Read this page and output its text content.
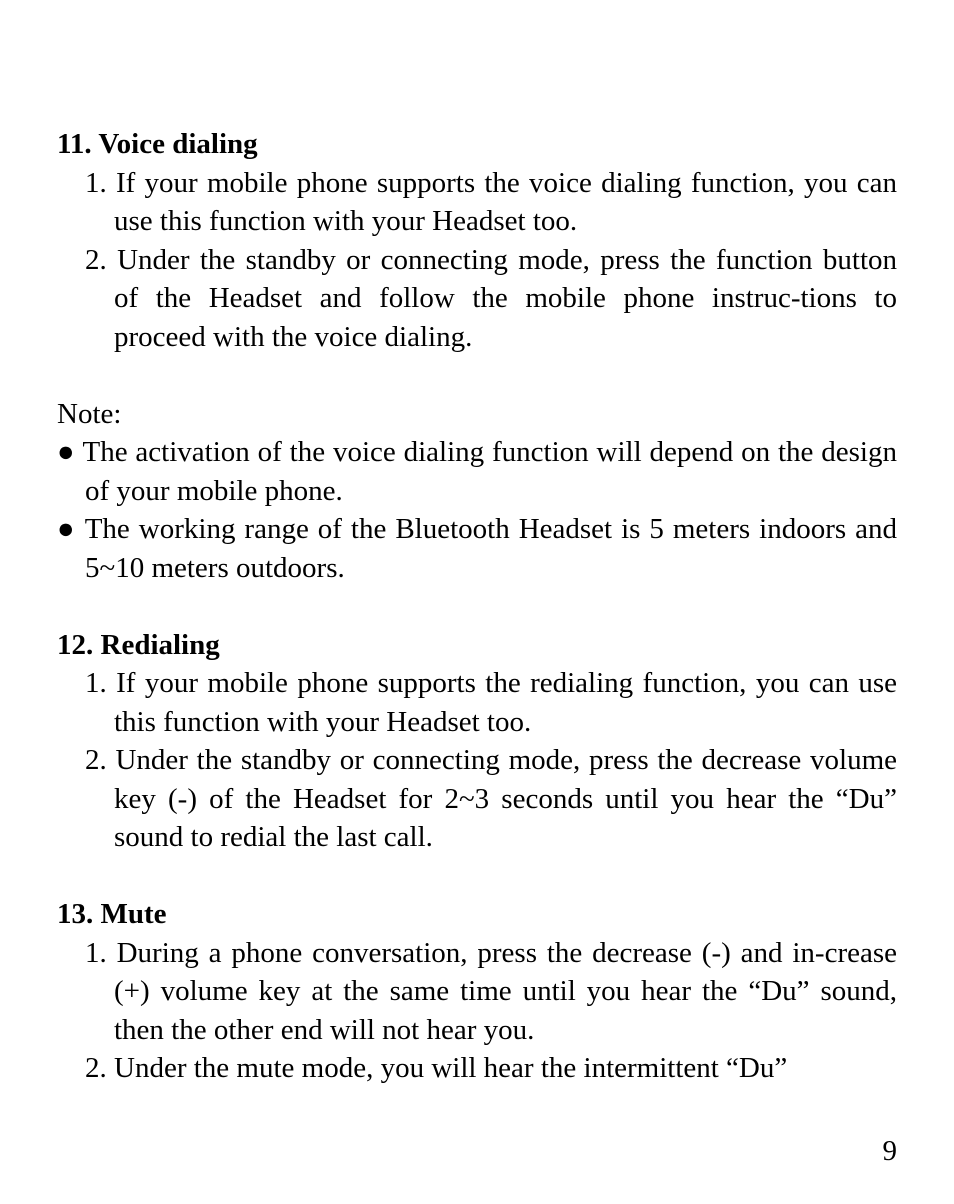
11. Voice dialing

1. If your mobile phone supports the voice dialing function, you can use this function with your Headset too.

2. Under the standby or connecting mode, press the function button of the Headset and follow the mobile phone instruc-tions to proceed with the voice dialing.

Note:

● The activation of the voice dialing function will depend on the design of your mobile phone.

● The working range of the Bluetooth Headset is 5 meters indoors and 5~10 meters outdoors.

12. Redialing

1. If your mobile phone supports the redialing function, you can use this function with your Headset too.

2. Under the standby or connecting mode, press the decrease volume key (-) of the Headset for 2~3 seconds until you hear the “Du” sound to redial the last call.

13. Mute

1. During a phone conversation, press the decrease (-) and in-crease (+) volume key at the same time until you hear the “Du” sound, then the other end will not hear you.

2. Under the mute mode, you will hear the intermittent “Du”

9
